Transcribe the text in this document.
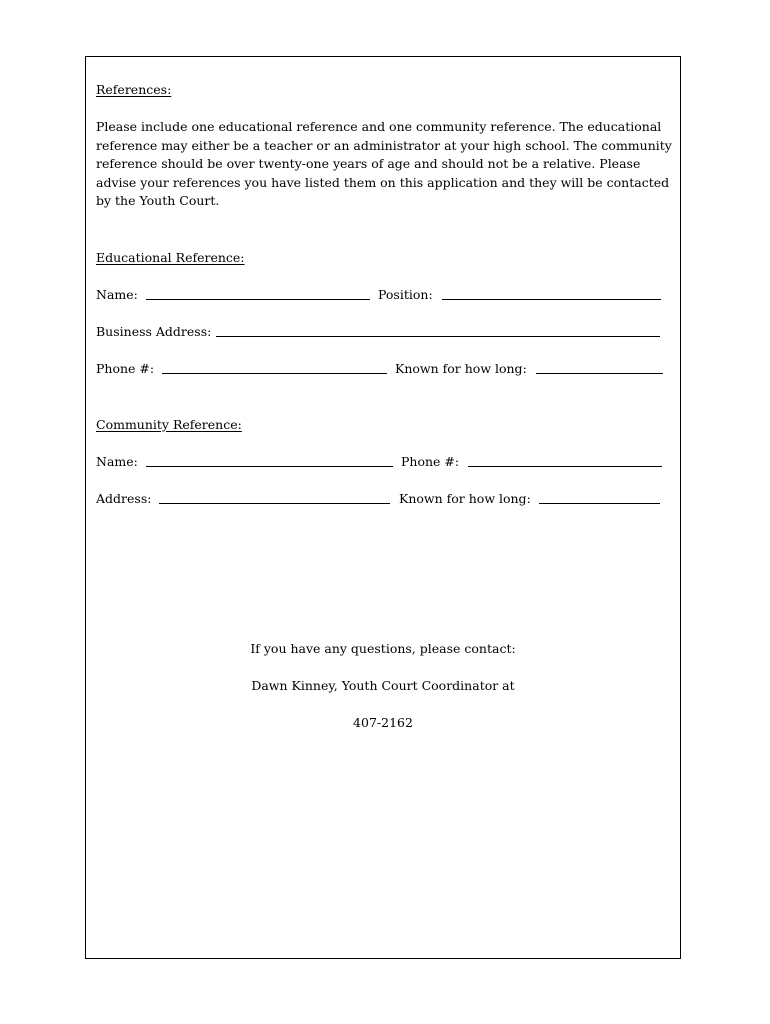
References:
Please include one educational reference and one community reference. The educational
reference may either be a teacher or an administrator at your high school. The community
reference should be over twenty-one years of age and should not be a relative. Please
advise your references you have listed them on this application and they will be contacted
by the Youth Court.
Educational Reference:
Name:	Position:
Business Address:
Phone #:	Known for how long:
Community Reference:
Name:	Phone #:
Address:	Known for how long:
If you have any questions, please contact:
Dawn Kinney, Youth Court Coordinator at
407-2162
